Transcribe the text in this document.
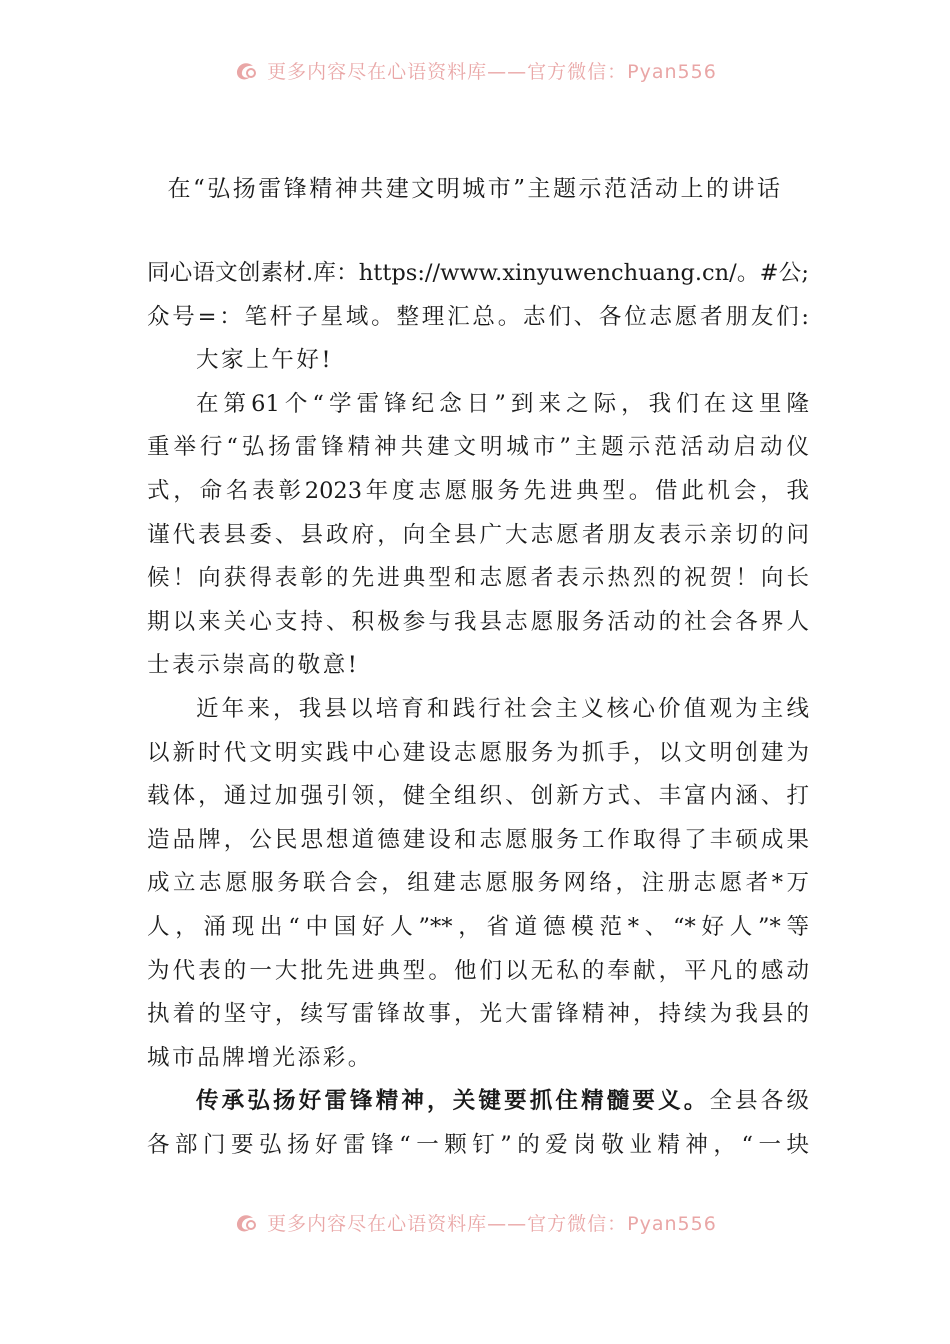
更多内容尽在心语资料库——官方微信：Pyan556
在“弘扬雷锋精神共建文明城市”主题示范活动上的讲话
同心语文创素材.库：https://www.xinyuwenchuang.cn/。#公;
众号=：笔杆子星域。整理汇总。志们、各位志愿者朋友们:
大家上午好!
在第61个“学雷锋纪念日”到来之际，我们在这里隆
重举行“弘扬雷锋精神共建文明城市”主题示范活动启动仪
式，命名表彰2023年度志愿服务先进典型。借此机会，我
谨代表县委、县政府，向全县广大志愿者朋友表示亲切的问
候！向获得表彰的先进典型和志愿者表示热烈的祝贺！向长
期以来关心支持、积极参与我县志愿服务活动的社会各界人
士表示崇高的敬意!
近年来，我县以培育和践行社会主义核心价值观为主线
以新时代文明实践中心建设志愿服务为抓手，以文明创建为
载体，通过加强引领，健全组织、创新方式、丰富内涵、打
造品牌，公民思想道德建设和志愿服务工作取得了丰硕成果
成立志愿服务联合会，组建志愿服务网络，注册志愿者*万
人，涌现出“中国好人”**，省道德模范*、“*好人”*等
为代表的一大批先进典型。他们以无私的奉献，平凡的感动
执着的坚守，续写雷锋故事，光大雷锋精神，持续为我县的
城市品牌增光添彩。
传承弘扬好雷锋精神，关键要抓住精髓要义。全县各级
各部门要弘扬好雷锋“一颗钉”的爱岗敬业精神，“一块
更多内容尽在心语资料库——官方微信：Pyan556
